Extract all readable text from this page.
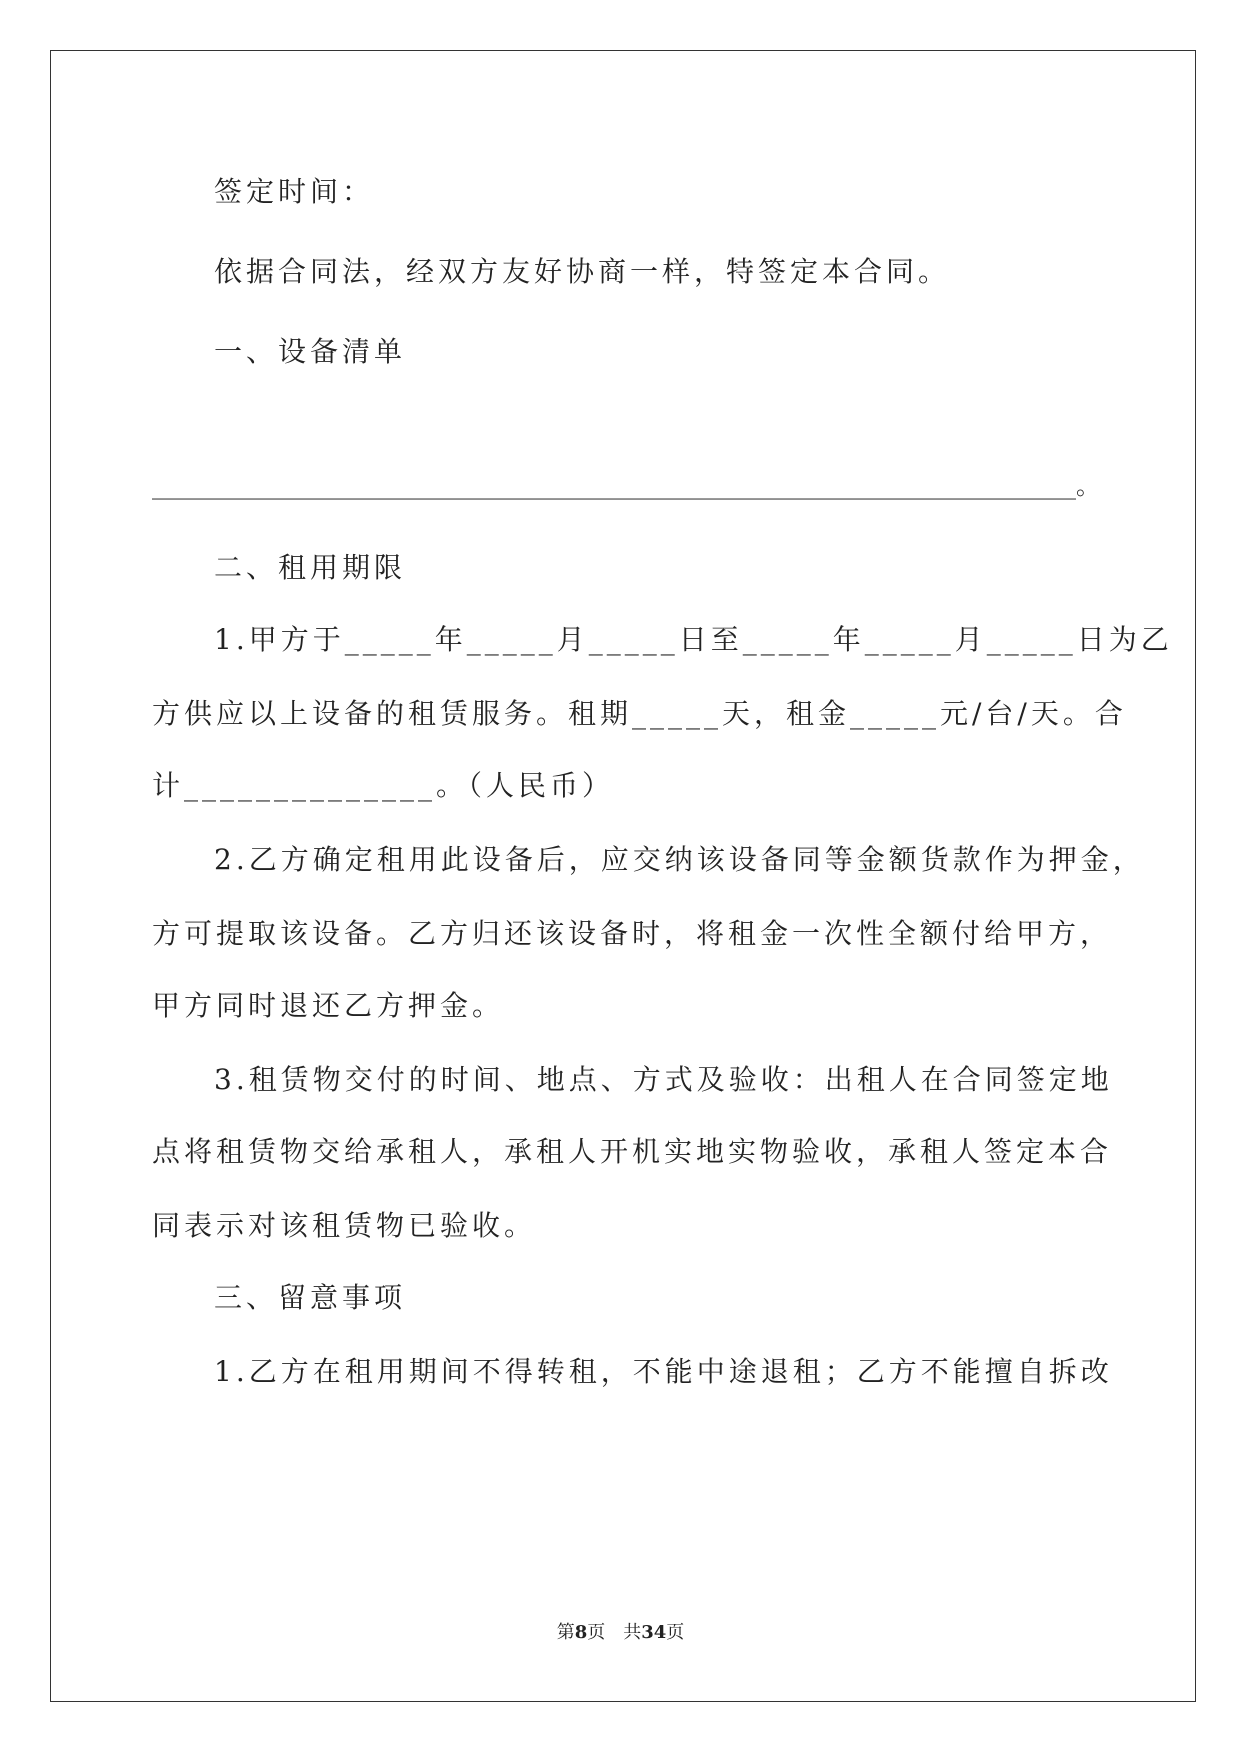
签定时间：
依据合同法，经双方友好协商一样，特签定本合同。
一、设备清单
_____________________________________________________________________________。
二、租用期限
1.甲方于_____年_____月_____日至_____年_____月_____日为乙
方供应以上设备的租赁服务。租期_____天，租金_____元/台/天。合
计______________。（人民币）
2.乙方确定租用此设备后，应交纳该设备同等金额货款作为押金，
方可提取该设备。乙方归还该设备时，将租金一次性全额付给甲方，
甲方同时退还乙方押金。
3.租赁物交付的时间、地点、方式及验收：出租人在合同签定地
点将租赁物交给承租人，承租人开机实地实物验收，承租人签定本合
同表示对该租赁物已验收。
三、留意事项
1.乙方在租用期间不得转租，不能中途退租；乙方不能擅自拆改
第8页 共34页
